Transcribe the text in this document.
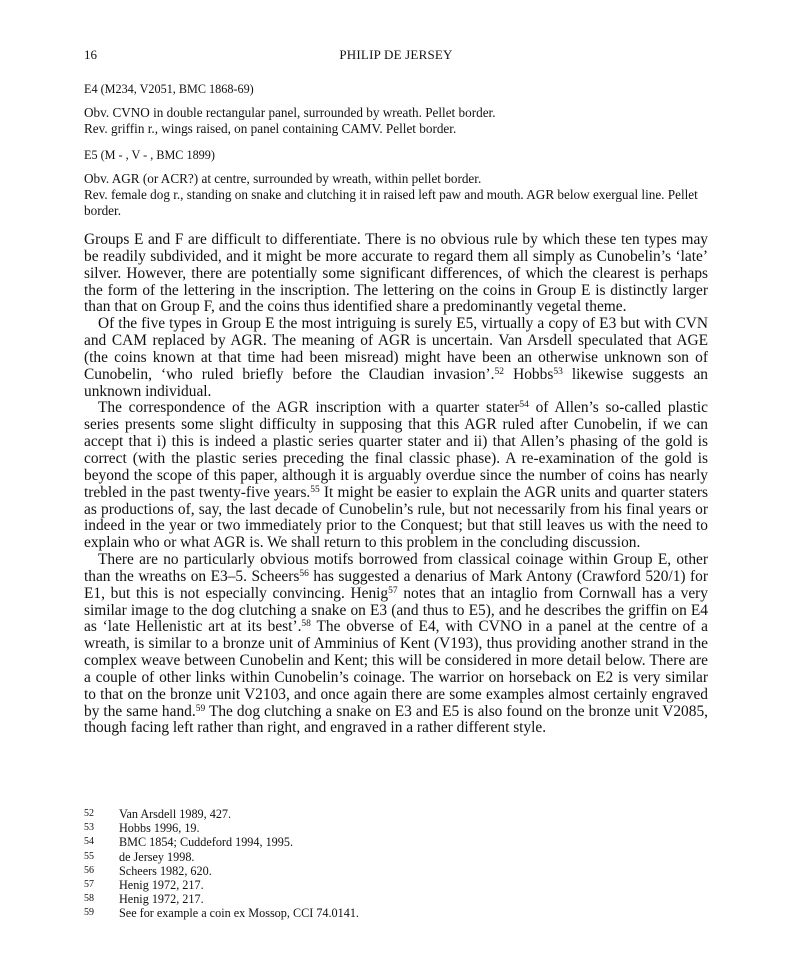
16	PHILIP DE JERSEY

E4 (M234, V2051, BMC 1868-69)

Obv. CVNO in double rectangular panel, surrounded by wreath. Pellet border.

Rev. griffin r., wings raised, on panel containing CAMV. Pellet border.

E5 (M - , V - , BMC 1899)

Obv. AGR (or ACR?) at centre, surrounded by wreath, within pellet border.

Rev. female dog r., standing on snake and clutching it in raised left paw and mouth. AGR below exergual line. Pellet border.

Groups E and F are difficult to differentiate. There is no obvious rule by which these ten types may be readily subdivided, and it might be more accurate to regard them all simply as Cunobelin’s ‘late’ silver. However, there are potentially some significant differences, of which the clearest is perhaps the form of the lettering in the inscription. The lettering on the coins in Group E is distinctly larger than that on Group F, and the coins thus identified share a predominantly vegetal theme.

Of the five types in Group E the most intriguing is surely E5, virtually a copy of E3 but with CVN and CAM replaced by AGR. The meaning of AGR is uncertain. Van Arsdell speculated that AGE (the coins known at that time had been misread) might have been an otherwise unknown son of Cunobelin, ‘who ruled briefly before the Claudian invasion’.$^{52}$ Hobbs$^{53}$ likewise suggests an unknown individual.

The correspondence of the AGR inscription with a quarter stater$^{54}$ of Allen’s so-called plastic series presents some slight difficulty in supposing that this AGR ruled after Cunobelin, if we can accept that i) this is indeed a plastic series quarter stater and ii) that Allen’s phasing of the gold is correct (with the plastic series preceding the final classic phase). A re-examination of the gold is beyond the scope of this paper, although it is arguably overdue since the number of coins has nearly trebled in the past twenty-five years.$^{55}$ It might be easier to explain the AGR units and quarter staters as productions of, say, the last decade of Cunobelin’s rule, but not necessarily from his final years or indeed in the year or two immediately prior to the Conquest; but that still leaves us with the need to explain who or what AGR is. We shall return to this problem in the concluding discussion.

There are no particularly obvious motifs borrowed from classical coinage within Group E, other than the wreaths on E3–5. Scheers$^{56}$ has suggested a denarius of Mark Antony (Crawford 520/1) for E1, but this is not especially convincing. Henig$^{57}$ notes that an intaglio from Cornwall has a very similar image to the dog clutching a snake on E3 (and thus to E5), and he describes the griffin on E4 as ‘late Hellenistic art at its best’.$^{58}$ The obverse of E4, with CVNO in a panel at the centre of a wreath, is similar to a bronze unit of Amminius of Kent (V193), thus providing another strand in the complex weave between Cunobelin and Kent; this will be considered in more detail below. There are a couple of other links within Cunobelin’s coinage. The warrior on horseback on E2 is very similar to that on the bronze unit V2103, and once again there are some examples almost certainly engraved by the same hand.$^{59}$ The dog clutching a snake on E3 and E5 is also found on the bronze unit V2085, though facing left rather than right, and engraved in a rather different style.

52	Van Arsdell 1989, 427.
53	Hobbs 1996, 19.
54	BMC 1854; Cuddeford 1994, 1995.
55	de Jersey 1998.
56	Scheers 1982, 620.
57	Henig 1972, 217.
58	Henig 1972, 217.
59	See for example a coin ex Mossop, CCI 74.0141.
